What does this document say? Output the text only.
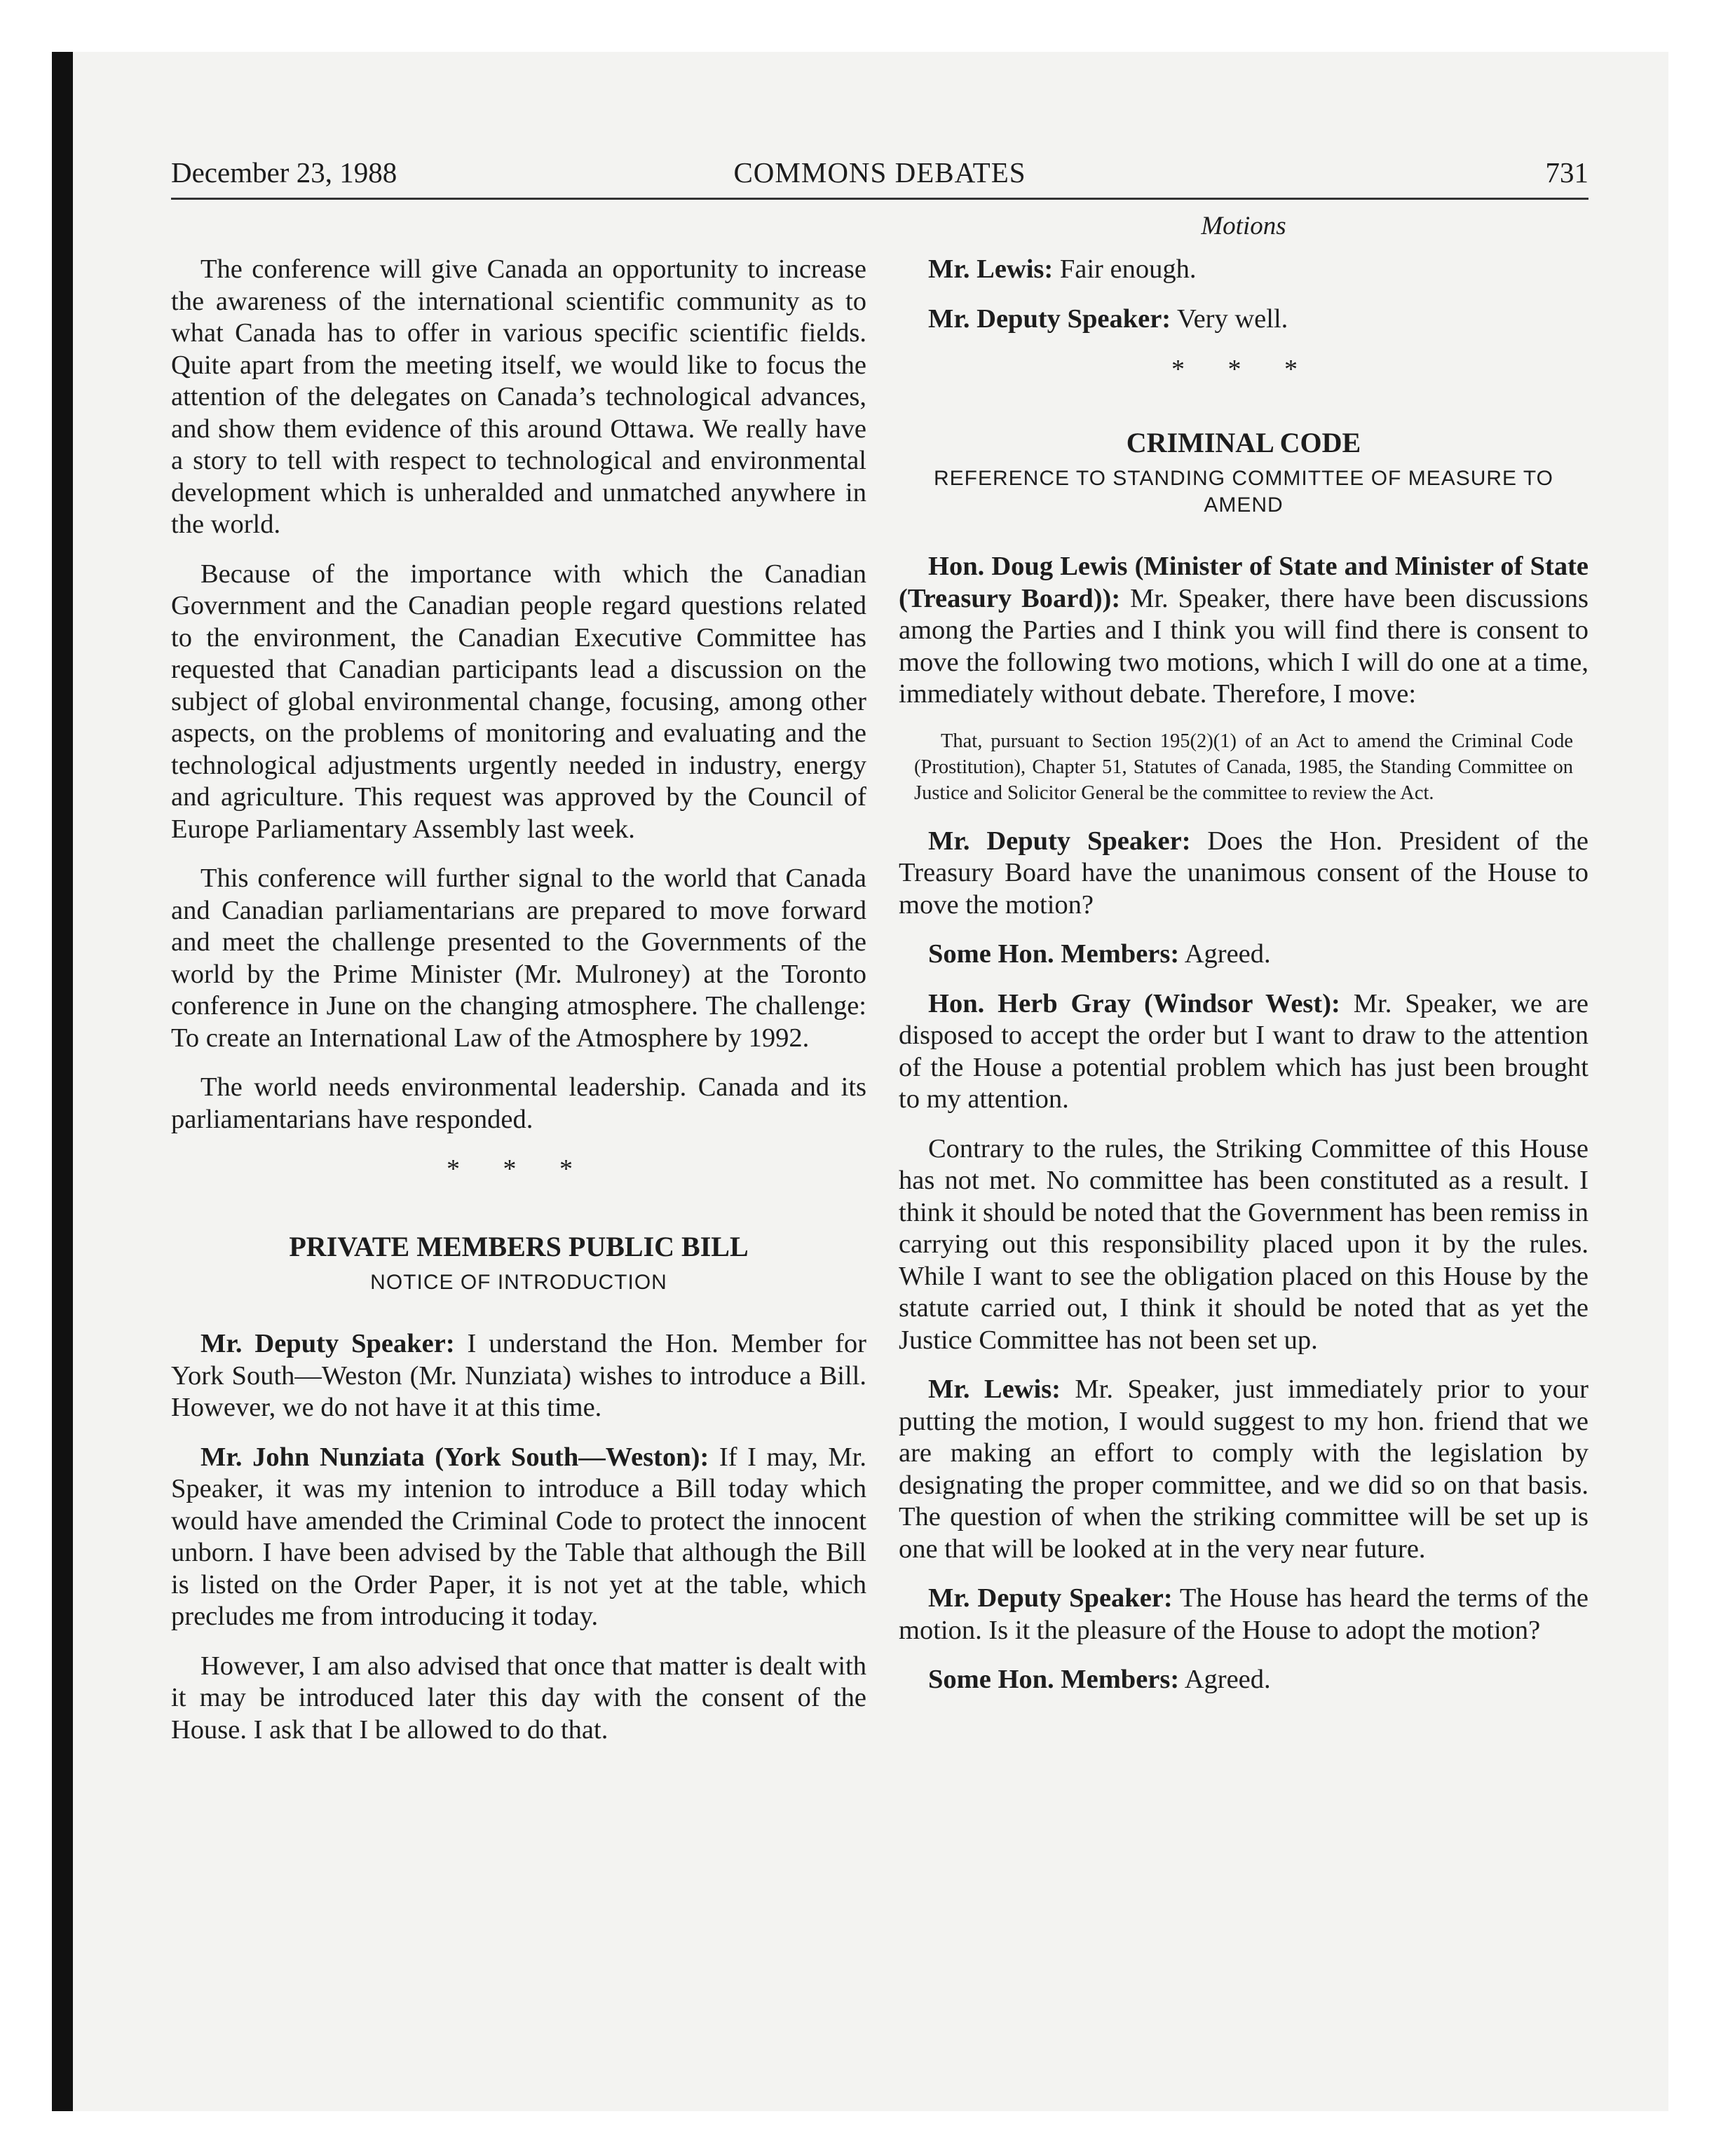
December 23, 1988	COMMONS DEBATES	731

The conference will give Canada an opportunity to increase the awareness of the international scientific community as to what Canada has to offer in various specific scientific fields. Quite apart from the meeting itself, we would like to focus the attention of the delegates on Canada’s technological advances, and show them evidence of this around Ottawa. We really have a story to tell with respect to technological and environmental development which is unheralded and unmatched anywhere in the world.

Because of the importance with which the Canadian Government and the Canadian people regard questions related to the environment, the Canadian Executive Committee has requested that Canadian participants lead a discussion on the subject of global environmental change, focusing, among other aspects, on the problems of monitoring and evaluating and the technological adjustments urgently needed in industry, energy and agriculture. This request was approved by the Council of Europe Parliamentary Assembly last week.

This conference will further signal to the world that Canada and Canadian parliamentarians are prepared to move forward and meet the challenge presented to the Governments of the world by the Prime Minister (Mr. Mulroney) at the Toronto conference in June on the changing atmosphere. The challenge: To create an International Law of the Atmosphere by 1992.

The world needs environmental leadership. Canada and its parliamentarians have responded.

* * *
PRIVATE MEMBERS PUBLIC BILL
NOTICE OF INTRODUCTION

Mr. Deputy Speaker: I understand the Hon. Member for York South—Weston (Mr. Nunziata) wishes to introduce a Bill. However, we do not have it at this time.

Mr. John Nunziata (York South—Weston): If I may, Mr. Speaker, it was my intenion to introduce a Bill today which would have amended the Criminal Code to protect the innocent unborn. I have been advised by the Table that although the Bill is listed on the Order Paper, it is not yet at the table, which precludes me from introducing it today.

However, I am also advised that once that matter is dealt with it may be introduced later this day with the consent of the House. I ask that I be allowed to do that.

Motions

Mr. Lewis: Fair enough.

Mr. Deputy Speaker: Very well.

* * *
CRIMINAL CODE
REFERENCE TO STANDING COMMITTEE OF MEASURE TO AMEND

Hon. Doug Lewis (Minister of State and Minister of State (Treasury Board)): Mr. Speaker, there have been discussions among the Parties and I think you will find there is consent to move the following two motions, which I will do one at a time, immediately without debate. Therefore, I move:

That, pursuant to Section 195(2)(1) of an Act to amend the Criminal Code (Prostitution), Chapter 51, Statutes of Canada, 1985, the Standing Committee on Justice and Solicitor General be the committee to review the Act.

Mr. Deputy Speaker: Does the Hon. President of the Treasury Board have the unanimous consent of the House to move the motion?

Some Hon. Members: Agreed.

Hon. Herb Gray (Windsor West): Mr. Speaker, we are disposed to accept the order but I want to draw to the attention of the House a potential problem which has just been brought to my attention.

Contrary to the rules, the Striking Committee of this House has not met. No committee has been constituted as a result. I think it should be noted that the Government has been remiss in carrying out this responsibility placed upon it by the rules. While I want to see the obligation placed on this House by the statute carried out, I think it should be noted that as yet the Justice Committee has not been set up.

Mr. Lewis: Mr. Speaker, just immediately prior to your putting the motion, I would suggest to my hon. friend that we are making an effort to comply with the legislation by designating the proper committee, and we did so on that basis. The question of when the striking committee will be set up is one that will be looked at in the very near future.

Mr. Deputy Speaker: The House has heard the terms of the motion. Is it the pleasure of the House to adopt the motion?

Some Hon. Members: Agreed.
